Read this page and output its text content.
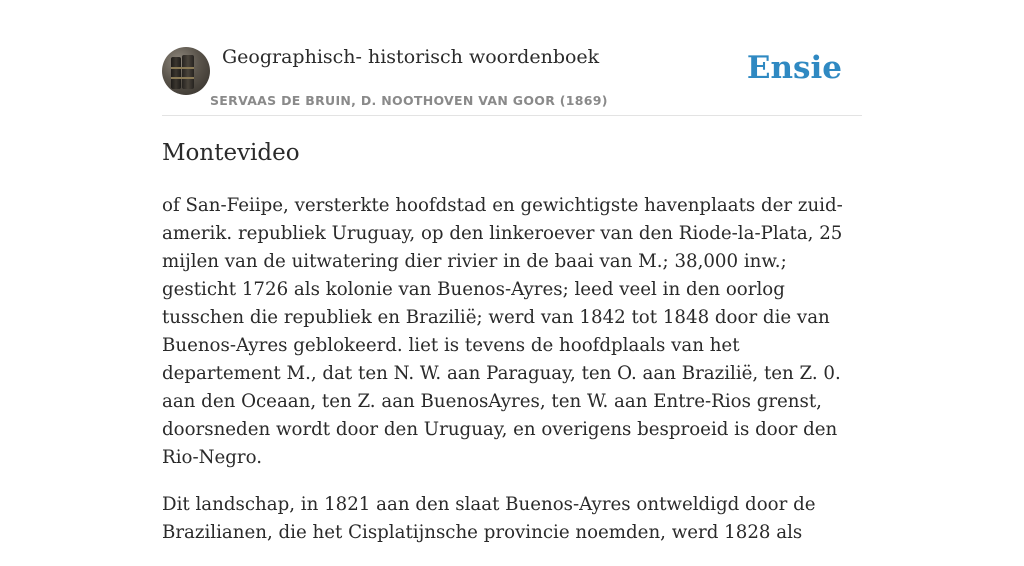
Geographisch- historisch woordenboek
SERVAAS DE BRUIN, D. NOOTHOVEN VAN GOOR (1869)
Ensie
Montevideo

of San-Feiipe, versterkte hoofdstad en gewichtigste havenplaats der zuid-amerik. republiek Uruguay, op den linkeroever van den Riode-la-Plata, 25 mijlen van de uitwatering dier rivier in de baai van M.; 38,000 inw.; gesticht 1726 als kolonie van Buenos-Ayres; leed veel in den oorlog tusschen die republiek en Brazilië; werd van 1842 tot 1848 door die van Buenos-Ayres geblokeerd. liet is tevens de hoofdplaals van het departement M., dat ten N. W. aan Paraguay, ten O. aan Brazilië, ten Z. 0. aan den Oceaan, ten Z. aan BuenosAyres, ten W. aan Entre-Rios grenst, doorsneden wordt door den Uruguay, en overigens besproeid is door den Rio-Negro.

Dit landschap, in 1821 aan den slaat Buenos-Ayres ontweldigd door de Brazilianen, die het Cisplatijnsche provincie noemden, werd 1828 als
